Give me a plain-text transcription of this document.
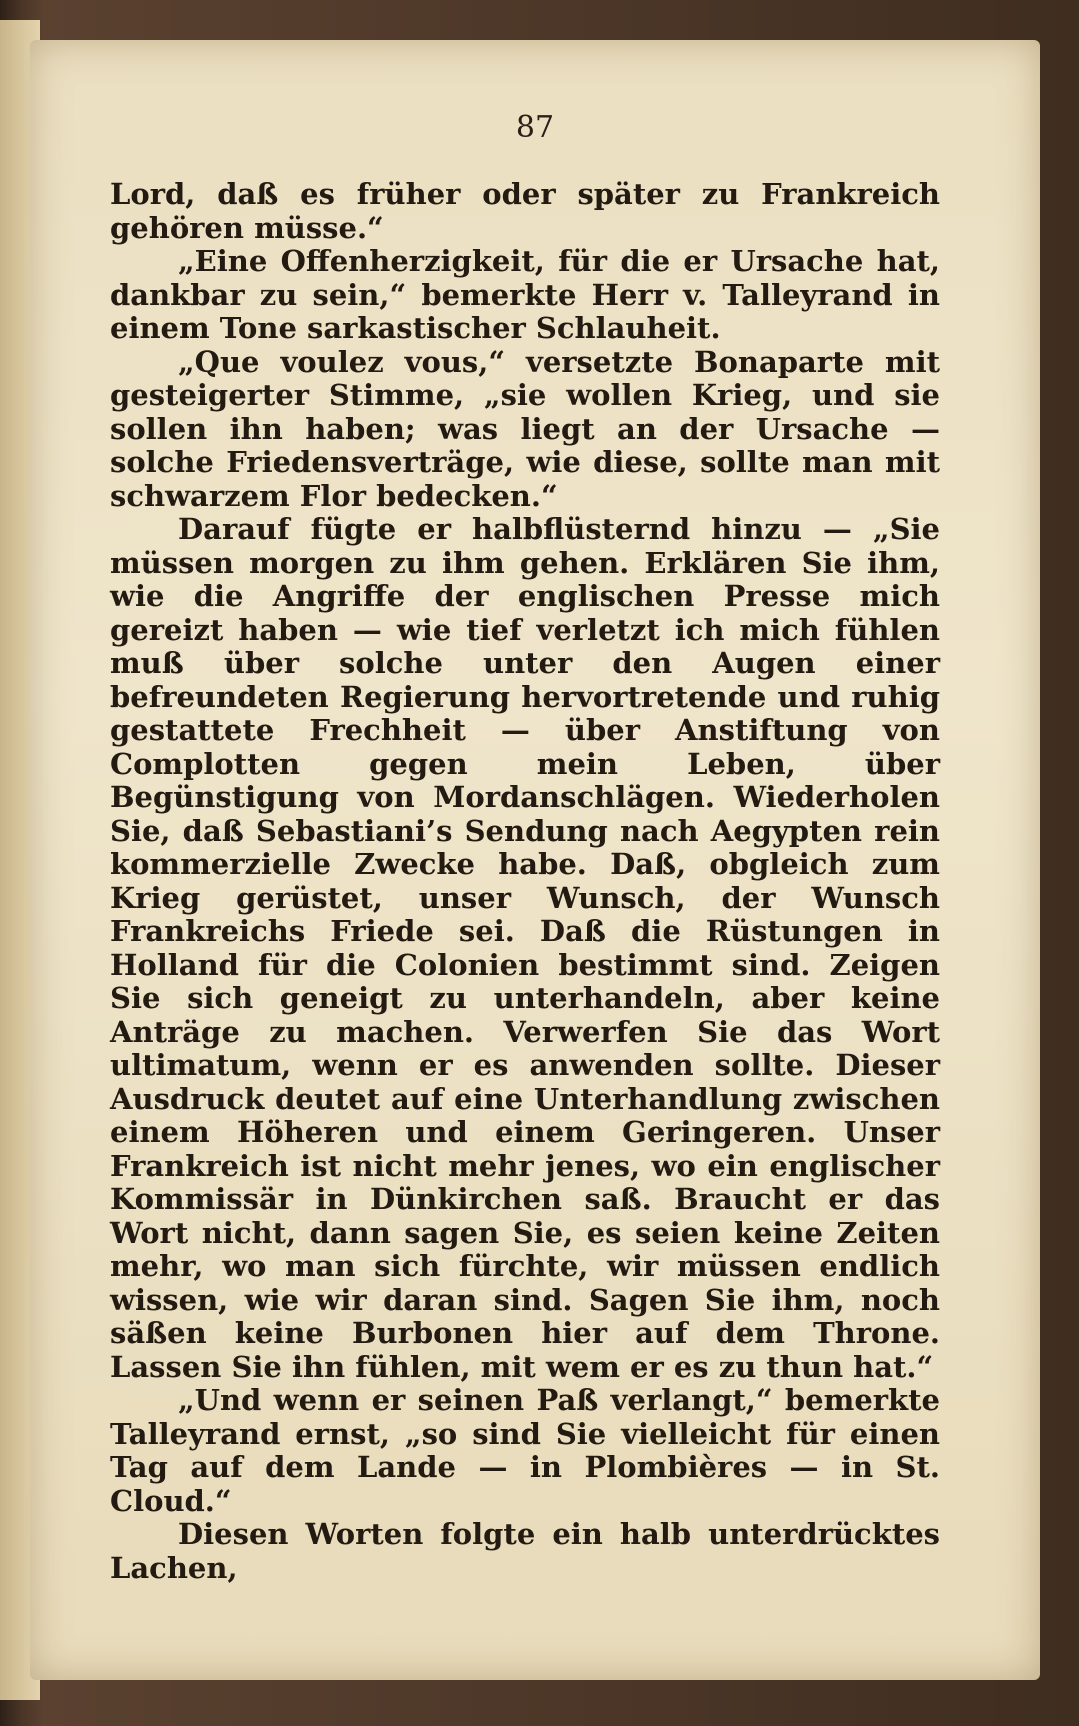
87

Lord, daß es früher oder später zu Frankreich gehören müsse.“

„Eine Offenherzigkeit, für die er Ursache hat, dankbar zu sein,“ bemerkte Herr v. Talleyrand in einem Tone sarkastischer Schlauheit.

„Que voulez vous,“ versetzte Bonaparte mit gesteigerter Stimme, „sie wollen Krieg, und sie sollen ihn haben; was liegt an der Ursache — solche Friedensverträge, wie diese, sollte man mit schwarzem Flor bedecken.“

Darauf fügte er halbflüsternd hinzu — „Sie müssen morgen zu ihm gehen. Erklären Sie ihm, wie die Angriffe der englischen Presse mich gereizt haben — wie tief verletzt ich mich fühlen muß über solche unter den Augen einer befreundeten Regierung hervortretende und ruhig gestattete Frechheit — über Anstiftung von Complotten gegen mein Leben, über Begünstigung von Mordanschlägen. Wiederholen Sie, daß Sebastiani’s Sendung nach Aegypten rein kommerzielle Zwecke habe. Daß, obgleich zum Krieg gerüstet, unser Wunsch, der Wunsch Frankreichs Friede sei. Daß die Rüstungen in Holland für die Colonien bestimmt sind. Zeigen Sie sich geneigt zu unterhandeln, aber keine Anträge zu machen. Verwerfen Sie das Wort ultimatum, wenn er es anwenden sollte. Dieser Ausdruck deutet auf eine Unterhandlung zwischen einem Höheren und einem Geringeren. Unser Frankreich ist nicht mehr jenes, wo ein englischer Kommissär in Dünkirchen saß. Braucht er das Wort nicht, dann sagen Sie, es seien keine Zeiten mehr, wo man sich fürchte, wir müssen endlich wissen, wie wir daran sind. Sagen Sie ihm, noch säßen keine Burbonen hier auf dem Throne. Lassen Sie ihn fühlen, mit wem er es zu thun hat.“

„Und wenn er seinen Paß verlangt,“ bemerkte Talleyrand ernst, „so sind Sie vielleicht für einen Tag auf dem Lande — in Plombières — in St. Cloud.“

Diesen Worten folgte ein halb unterdrücktes Lachen,
